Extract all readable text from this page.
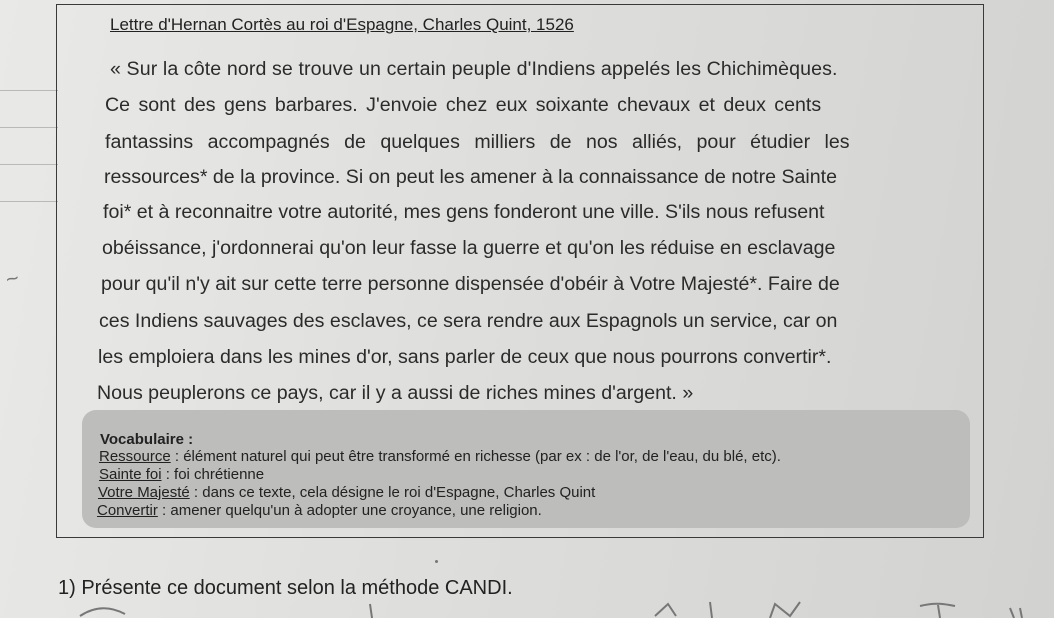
~
Lettre d'Hernan Cortès au roi d'Espagne, Charles Quint, 1526
« Sur la côte nord se trouve un certain peuple d'Indiens appelés les Chichimèques.
Ce sont des gens barbares. J'envoie chez eux soixante chevaux et deux cents
fantassins accompagnés de quelques milliers de nos alliés, pour étudier les
ressources* de la province. Si on peut les amener à la connaissance de notre Sainte
foi* et à reconnaitre votre autorité, mes gens fonderont une ville. S'ils nous refusent
obéissance, j'ordonnerai qu'on leur fasse la guerre et qu'on les réduise en esclavage
pour qu'il n'y ait sur cette terre personne dispensée d'obéir à Votre Majesté*. Faire de
ces Indiens sauvages des esclaves, ce sera rendre aux Espagnols un service, car on
les emploiera dans les mines d'or, sans parler de ceux que nous pourrons convertir*.
Nous peuplerons ce pays, car il y a aussi de riches mines d'argent. »
Vocabulaire :
Ressource : élément naturel qui peut être transformé en richesse (par ex : de l'or, de l'eau, du blé, etc).
Sainte foi : foi chrétienne
Votre Majesté : dans ce texte, cela désigne le roi d'Espagne, Charles Quint
Convertir : amener quelqu'un à adopter une croyance, une religion.
1) Présente ce document selon la méthode CANDI.
